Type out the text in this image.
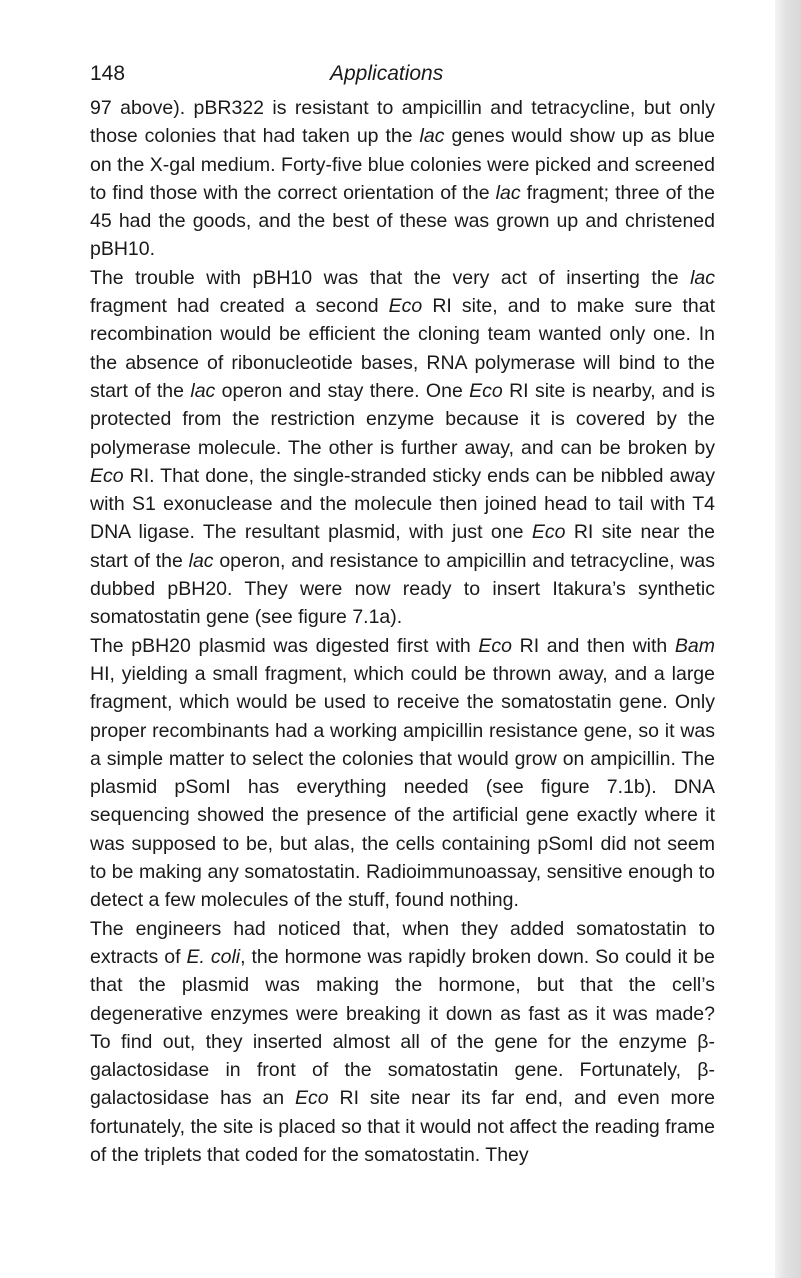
148	Applications

97 above). pBR322 is resistant to ampicillin and tetracycline, but only those colonies that had taken up the lac genes would show up as blue on the X-gal medium. Forty-five blue colonies were picked and screened to find those with the correct orientation of the lac fragment; three of the 45 had the goods, and the best of these was grown up and christened pBH10.

The trouble with pBH10 was that the very act of inserting the lac fragment had created a second Eco RI site, and to make sure that recombination would be efficient the cloning team wanted only one. In the absence of ribonucleotide bases, RNA polymerase will bind to the start of the lac operon and stay there. One Eco RI site is nearby, and is protected from the restriction enzyme because it is covered by the polymerase molecule. The other is further away, and can be broken by Eco RI. That done, the single-stranded sticky ends can be nibbled away with S1 exonuclease and the molecule then joined head to tail with T4 DNA ligase. The resultant plasmid, with just one Eco RI site near the start of the lac operon, and resistance to ampicillin and tetracycline, was dubbed pBH20. They were now ready to insert Itakura’s synthetic somatostatin gene (see figure 7.1a).

The pBH20 plasmid was digested first with Eco RI and then with Bam HI, yielding a small fragment, which could be thrown away, and a large fragment, which would be used to receive the somatostatin gene. Only proper recombinants had a working ampicillin resistance gene, so it was a simple matter to select the colonies that would grow on ampicillin. The plasmid pSomI has everything needed (see figure 7.1b). DNA sequencing showed the presence of the artificial gene exactly where it was supposed to be, but alas, the cells containing pSomI did not seem to be making any somatostatin. Radioimmunoassay, sensitive enough to detect a few molecules of the stuff, found nothing.

The engineers had noticed that, when they added somatostatin to extracts of E. coli, the hormone was rapidly broken down. So could it be that the plasmid was making the hormone, but that the cell’s degenerative enzymes were breaking it down as fast as it was made? To find out, they inserted almost all of the gene for the enzyme β-galactosidase in front of the somatostatin gene. Fortunately, β-galactosidase has an Eco RI site near its far end, and even more fortunately, the site is placed so that it would not affect the reading frame of the triplets that coded for the somatostatin. They
